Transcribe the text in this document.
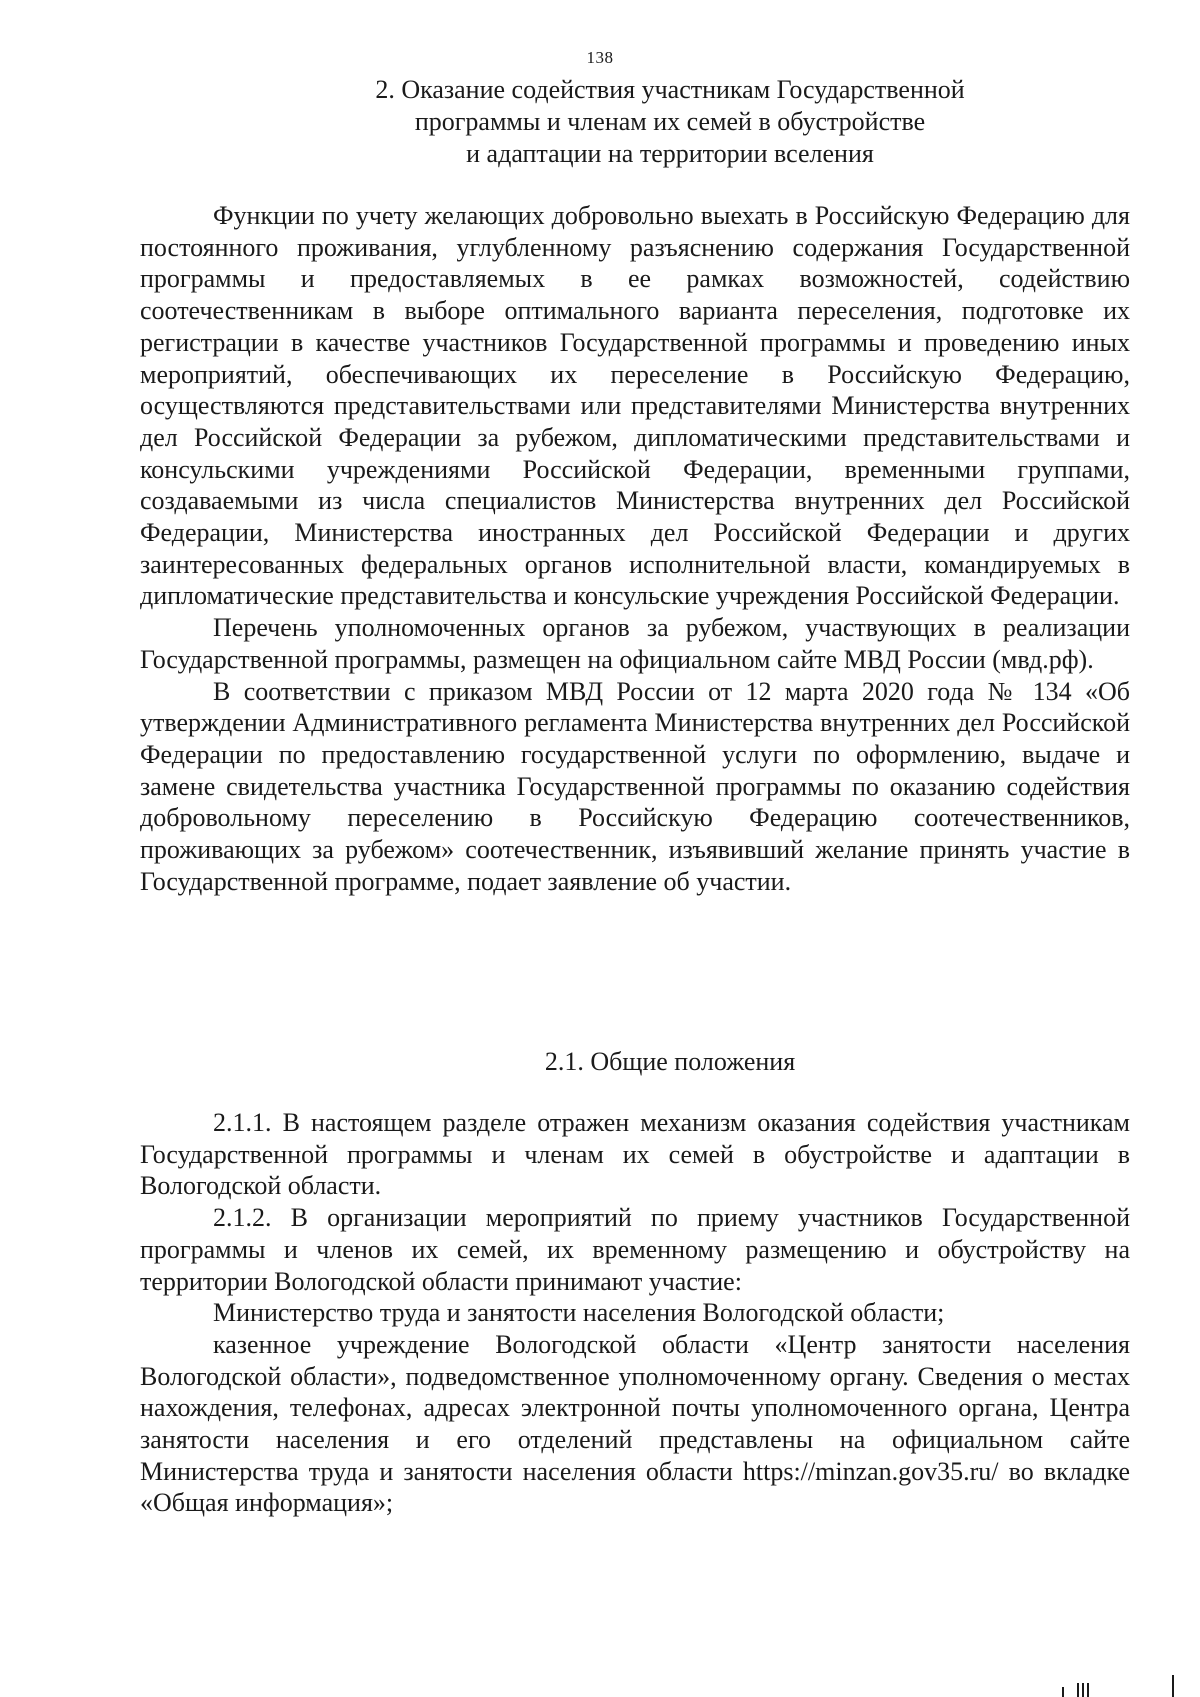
138
2. Оказание содействия участникам Государственной
программы и членам их семей в обустройстве
и адаптации на территории вселения

Функции по учету желающих добровольно выехать в Российскую Федерацию для постоянного проживания, углубленному разъяснению содержания Государственной программы и предоставляемых в ее рамках возможностей, содействию соотечественникам в выборе оптимального варианта переселения, подготовке их регистрации в качестве участников Государственной программы и проведению иных мероприятий, обеспечивающих их переселение в Российскую Федерацию, осуществляются представительствами или представителями Министерства внутренних дел Российской Федерации за рубежом, дипломатическими представительствами и консульскими учреждениями Российской Федерации, временными группами, создаваемыми из числа специалистов Министерства внутренних дел Российской Федерации, Министерства иностранных дел Российской Федерации и других заинтересованных федеральных органов исполнительной власти, командируемых в дипломатические представительства и консульские учреждения Российской Федерации.

Перечень уполномоченных органов за рубежом, участвующих в реализации Государственной программы, размещен на официальном сайте МВД России (мвд.рф).

В соответствии с приказом МВД России от 12 марта 2020 года № 134 «Об утверждении Административного регламента Министерства внутренних дел Российской Федерации по предоставлению государственной услуги по оформлению, выдаче и замене свидетельства участника Государственной программы по оказанию содействия добровольному переселению в Российскую Федерацию соотечественников, проживающих за рубежом» соотечественник, изъявивший желание принять участие в Государственной программе, подает заявление об участии.

2.1. Общие положения

2.1.1. В настоящем разделе отражен механизм оказания содействия участникам Государственной программы и членам их семей в обустройстве и адаптации в Вологодской области.

2.1.2. В организации мероприятий по приему участников Государственной программы и членов их семей, их временному размещению и обустройству на территории Вологодской области принимают участие:

Министерство труда и занятости населения Вологодской области;

казенное учреждение Вологодской области «Центр занятости населения Вологодской области», подведомственное уполномоченному органу. Сведения о местах нахождения, телефонах, адресах электронной почты уполномоченного органа, Центра занятости населения и его отделений представлены на официальном сайте Министерства труда и занятости населения области https://minzan.gov35.ru/ во вкладке «Общая информация»;
